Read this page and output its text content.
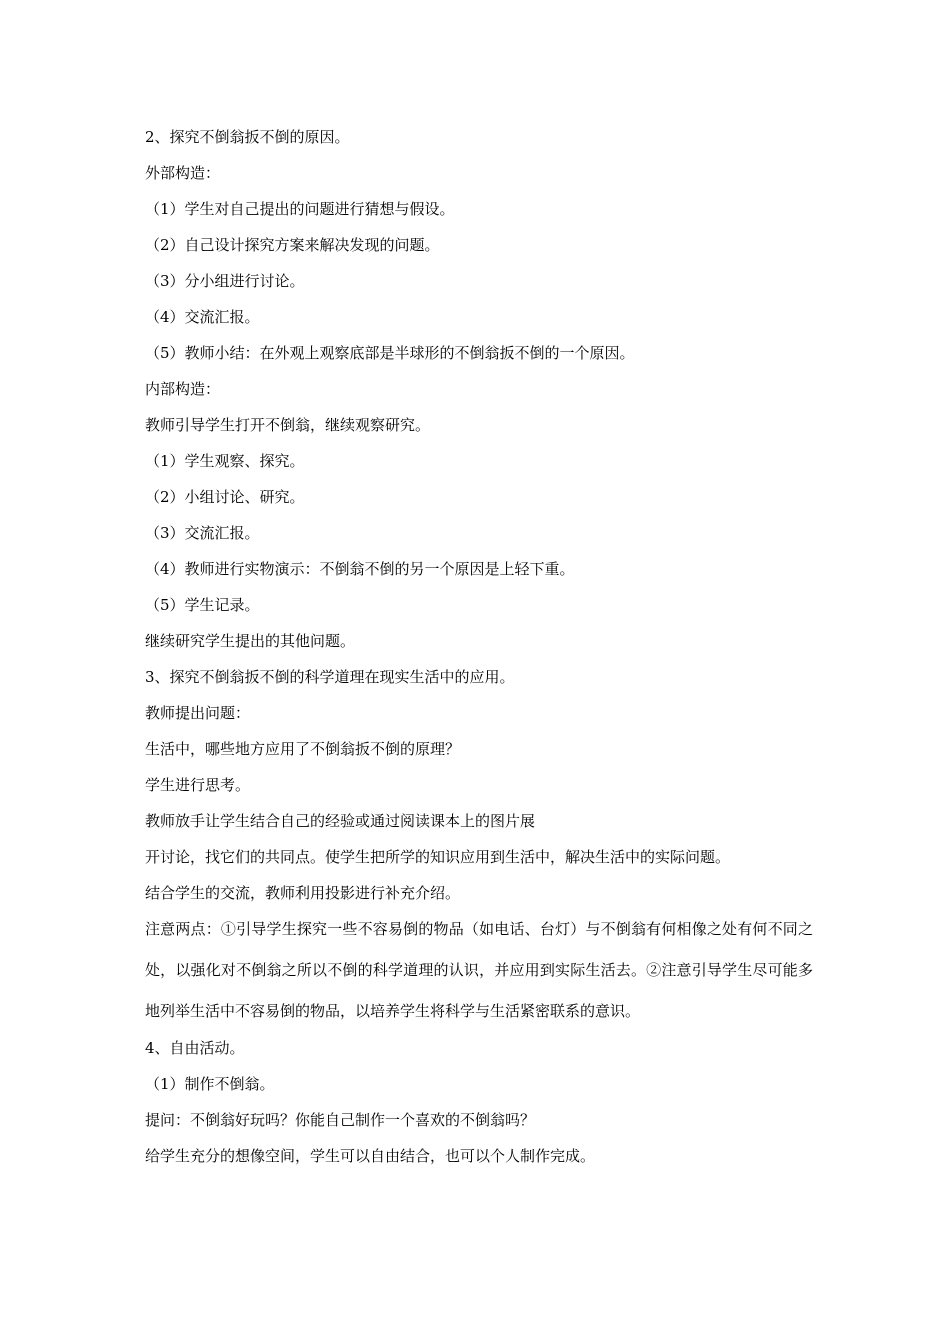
2、探究不倒翁扳不倒的原因。
外部构造：
（1）学生对自己提出的问题进行猜想与假设。
（2）自己设计探究方案来解决发现的问题。
（3）分小组进行讨论。
（4）交流汇报。
（5）教师小结：在外观上观察底部是半球形的不倒翁扳不倒的一个原因。
内部构造：
教师引导学生打开不倒翁，继续观察研究。
（1）学生观察、探究。
（2）小组讨论、研究。
（3）交流汇报。
（4）教师进行实物演示：不倒翁不倒的另一个原因是上轻下重。
（5）学生记录。
继续研究学生提出的其他问题。
3、探究不倒翁扳不倒的科学道理在现实生活中的应用。
教师提出问题：
生活中，哪些地方应用了不倒翁扳不倒的原理？
学生进行思考。
教师放手让学生结合自己的经验或通过阅读课本上的图片展
开讨论，找它们的共同点。使学生把所学的知识应用到生活中，解决生活中的实际问题。
结合学生的交流，教师利用投影进行补充介绍。
注意两点：①引导学生探究一些不容易倒的物品（如电话、台灯）与不倒翁有何相像之处有何不同之处，以强化对不倒翁之所以不倒的科学道理的认识，并应用到实际生活去。②注意引导学生尽可能多地列举生活中不容易倒的物品，以培养学生将科学与生活紧密联系的意识。
4、自由活动。
（1）制作不倒翁。
提问：不倒翁好玩吗？你能自己制作一个喜欢的不倒翁吗？
给学生充分的想像空间，学生可以自由结合，也可以个人制作完成。
